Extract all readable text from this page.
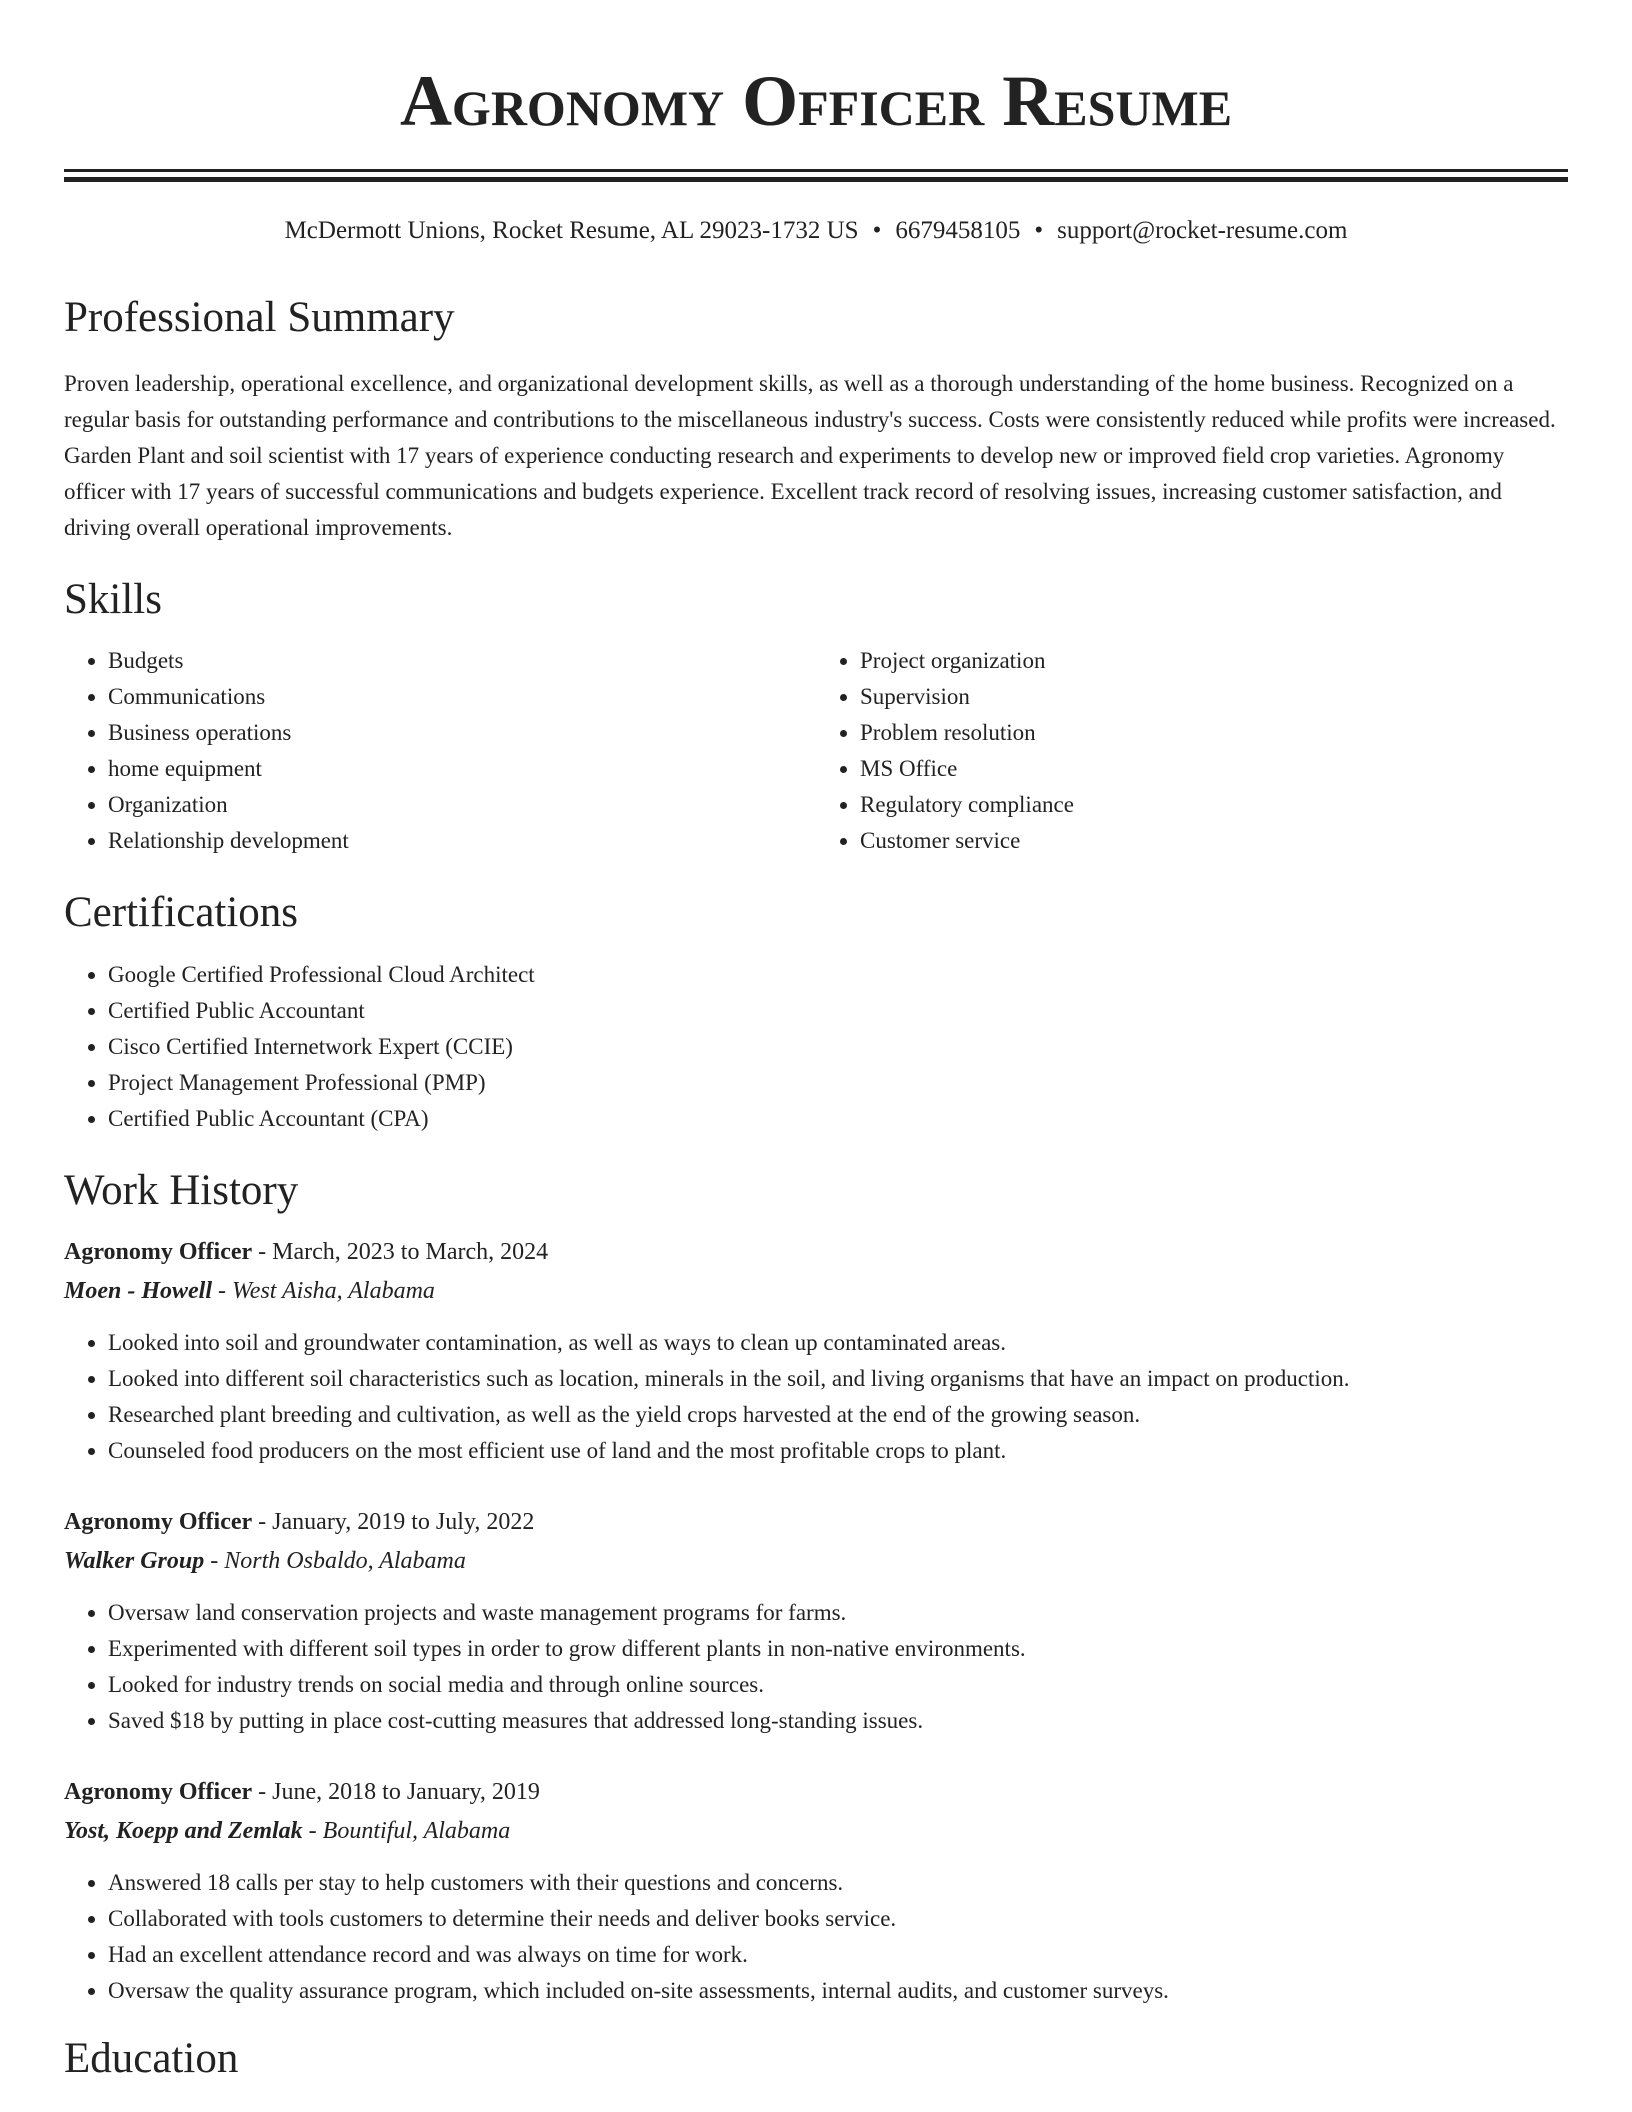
Agronomy Officer Resume
McDermott Unions, Rocket Resume, AL 29023-1732 US • 6679458105 • support@rocket-resume.com
Professional Summary

Proven leadership, operational excellence, and organizational development skills, as well as a thorough understanding of the home business. Recognized on a regular basis for outstanding performance and contributions to the miscellaneous industry's success. Costs were consistently reduced while profits were increased. Garden Plant and soil scientist with 17 years of experience conducting research and experiments to develop new or improved field crop varieties. Agronomy officer with 17 years of successful communications and budgets experience. Excellent track record of resolving issues, increasing customer satisfaction, and driving overall operational improvements.

Skills
• Budgets
• Communications
• Business operations
• home equipment
• Organization
• Relationship development
• Project organization
• Supervision
• Problem resolution
• MS Office
• Regulatory compliance
• Customer service
Certifications
• Google Certified Professional Cloud Architect
• Certified Public Accountant
• Cisco Certified Internetwork Expert (CCIE)
• Project Management Professional (PMP)
• Certified Public Accountant (CPA)
Work History
Agronomy Officer - March, 2023 to March, 2024
Moen - Howell - West Aisha, Alabama
• Looked into soil and groundwater contamination, as well as ways to clean up contaminated areas.
• Looked into different soil characteristics such as location, minerals in the soil, and living organisms that have an impact on production.
• Researched plant breeding and cultivation, as well as the yield crops harvested at the end of the growing season.
• Counseled food producers on the most efficient use of land and the most profitable crops to plant.
Agronomy Officer - January, 2019 to July, 2022
Walker Group - North Osbaldo, Alabama
• Oversaw land conservation projects and waste management programs for farms.
• Experimented with different soil types in order to grow different plants in non-native environments.
• Looked for industry trends on social media and through online sources.
• Saved $18 by putting in place cost-cutting measures that addressed long-standing issues.
Agronomy Officer - June, 2018 to January, 2019
Yost, Koepp and Zemlak - Bountiful, Alabama
• Answered 18 calls per stay to help customers with their questions and concerns.
• Collaborated with tools customers to determine their needs and deliver books service.
• Had an excellent attendance record and was always on time for work.
• Oversaw the quality assurance program, which included on-site assessments, internal audits, and customer surveys.
Education
